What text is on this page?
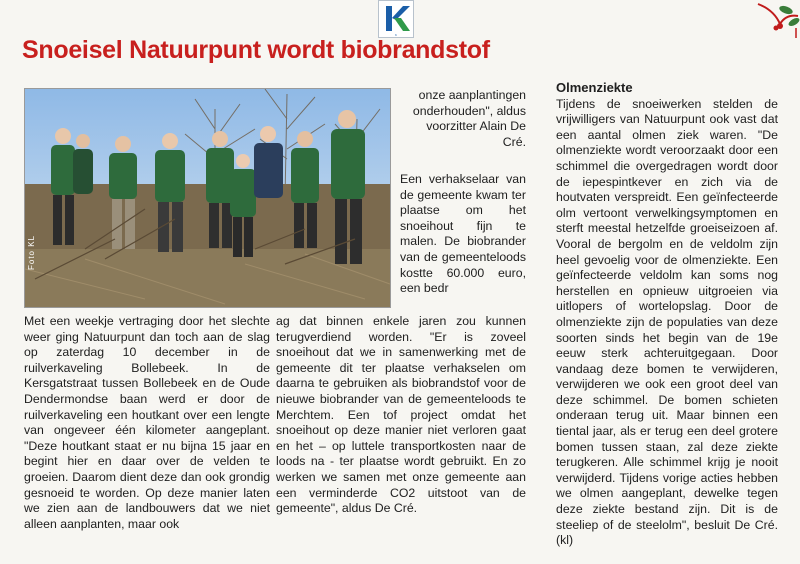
K
Snoeisel Natuurpunt wordt biobrandstof
Foto KL

onze aanplantingen onderhouden", aldus voorzitter Alain De Cré.

Met een weekje vertraging door het slechte weer ging Natuurpunt dan toch aan de slag op zaterdag 10 december in de ruilverkaveling Bollebeek. In de Kersgatstraat tussen Bollebeek en de Oude Dendermondse baan werd er door de ruilverkaveling een houtkant over een lengte van ongeveer één kilometer aangeplant. "Deze houtkant staat er nu bijna 15 jaar en begint hier en daar over de velden te groeien. Daarom dient deze dan ook grondig gesnoeid te worden. Op deze manier laten we zien aan de landbouwers dat we niet alleen aanplanten, maar ook

Een verhakselaar van de gemeente kwam ter plaatse om het snoeihout fijn te malen. De biobrander van de gemeenteloods kostte 60.000 euro, een bedr

ag dat binnen enkele jaren zou kunnen terugverdiend worden. "Er is zoveel snoeihout dat we in samenwerking met de gemeente dit ter plaatse verhakselen om daarna te gebruiken als biobrandstof voor de nieuwe biobrander van de gemeenteloods te Merchtem. Een tof project omdat het snoeihout op deze manier niet verloren gaat en het – op luttele transportkosten naar de loods na - ter plaatse wordt gebruikt. En zo werken we samen met onze gemeente aan een verminderde CO2 uitstoot van de gemeente", aldus De Cré.

Olmenziekte

Tijdens de snoeiwerken stelden de vrijwilligers van Natuurpunt ook vast dat een aantal olmen ziek waren. "De olmenziekte wordt veroorzaakt door een schimmel die overgedragen wordt door de iepespintkever en zich via de houtvaten verspreidt. Een geïnfecteerde olm vertoont verwelkingsymptomen en sterft meestal hetzelfde groeiseizoen af. Vooral de bergolm en de veldolm zijn heel gevoelig voor de olmenziekte. Een geïnfecteerde veldolm kan soms nog herstellen en opnieuw uitgroeien via uitlopers of wortelopslag. Door de olmenziekte zijn de populaties van deze soorten sinds het begin van de 19e eeuw sterk achteruitgegaan. Door vandaag deze bomen te verwijderen, verwijderen we ook een groot deel van deze schimmel. De bomen schieten onderaan terug uit. Maar binnen een tiental jaar, als er terug een deel grotere bomen tussen staan, zal deze ziekte terugkeren. Alle schimmel krijg je nooit verwijderd. Tijdens vorige acties hebben we olmen aangeplant, dewelke tegen deze ziekte bestand zijn. Dit is de steeliep of de steelolm", besluit De Cré. (kl)
